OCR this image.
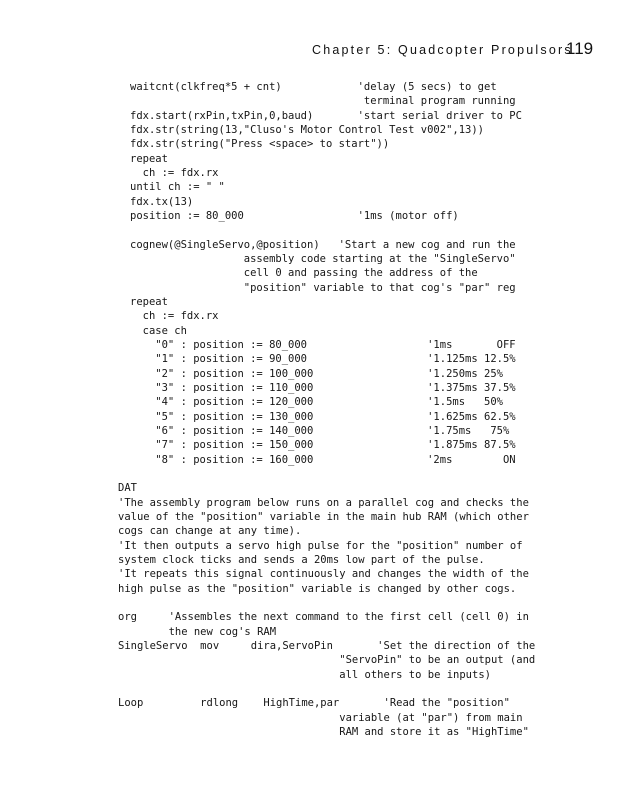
Chapter 5: Quadcopter Propulsors
119

waitcnt(clkfreq*5 + cnt)            'delay (5 secs) to get

terminal program running

fdx.start(rxPin,txPin,0,baud)       'start serial driver to PC

fdx.str(string(13,"Cluso's Motor Control Test v002",13))

fdx.str(string("Press <space> to start"))

repeat

ch := fdx.rx

until ch := " "

fdx.tx(13)

position := 80_000                  '1ms (motor off)

cognew(@SingleServo,@position)   'Start a new cog and run the

assembly code starting at the "SingleServo"

cell 0 and passing the address of the

"position" variable to that cog's "par" reg

repeat

ch := fdx.rx

case ch

"0" : position := 80_000                   '1ms       OFF

"1" : position := 90_000                   '1.125ms 12.5%

"2" : position := 100_000                  '1.250ms 25%

"3" : position := 110_000                  '1.375ms 37.5%

"4" : position := 120_000                  '1.5ms   50%

"5" : position := 130_000                  '1.625ms 62.5%

"6" : position := 140_000                  '1.75ms   75%

"7" : position := 150_000                  '1.875ms 87.5%

"8" : position := 160_000                  '2ms        ON

DAT

'The assembly program below runs on a parallel cog and checks the

value of the "position" variable in the main hub RAM (which other

cogs can change at any time).

'It then outputs a servo high pulse for the "position" number of

system clock ticks and sends a 20ms low part of the pulse.

'It repeats this signal continuously and changes the width of the

high pulse as the "position" variable is changed by other cogs.

org     'Assembles the next command to the first cell (cell 0) in

the new cog's RAM

SingleServo  mov     dira,ServoPin       'Set the direction of the

"ServoPin" to be an output (and

all others to be inputs)

Loop         rdlong    HighTime,par       'Read the "position"

variable (at "par") from main

RAM and store it as "HighTime"
